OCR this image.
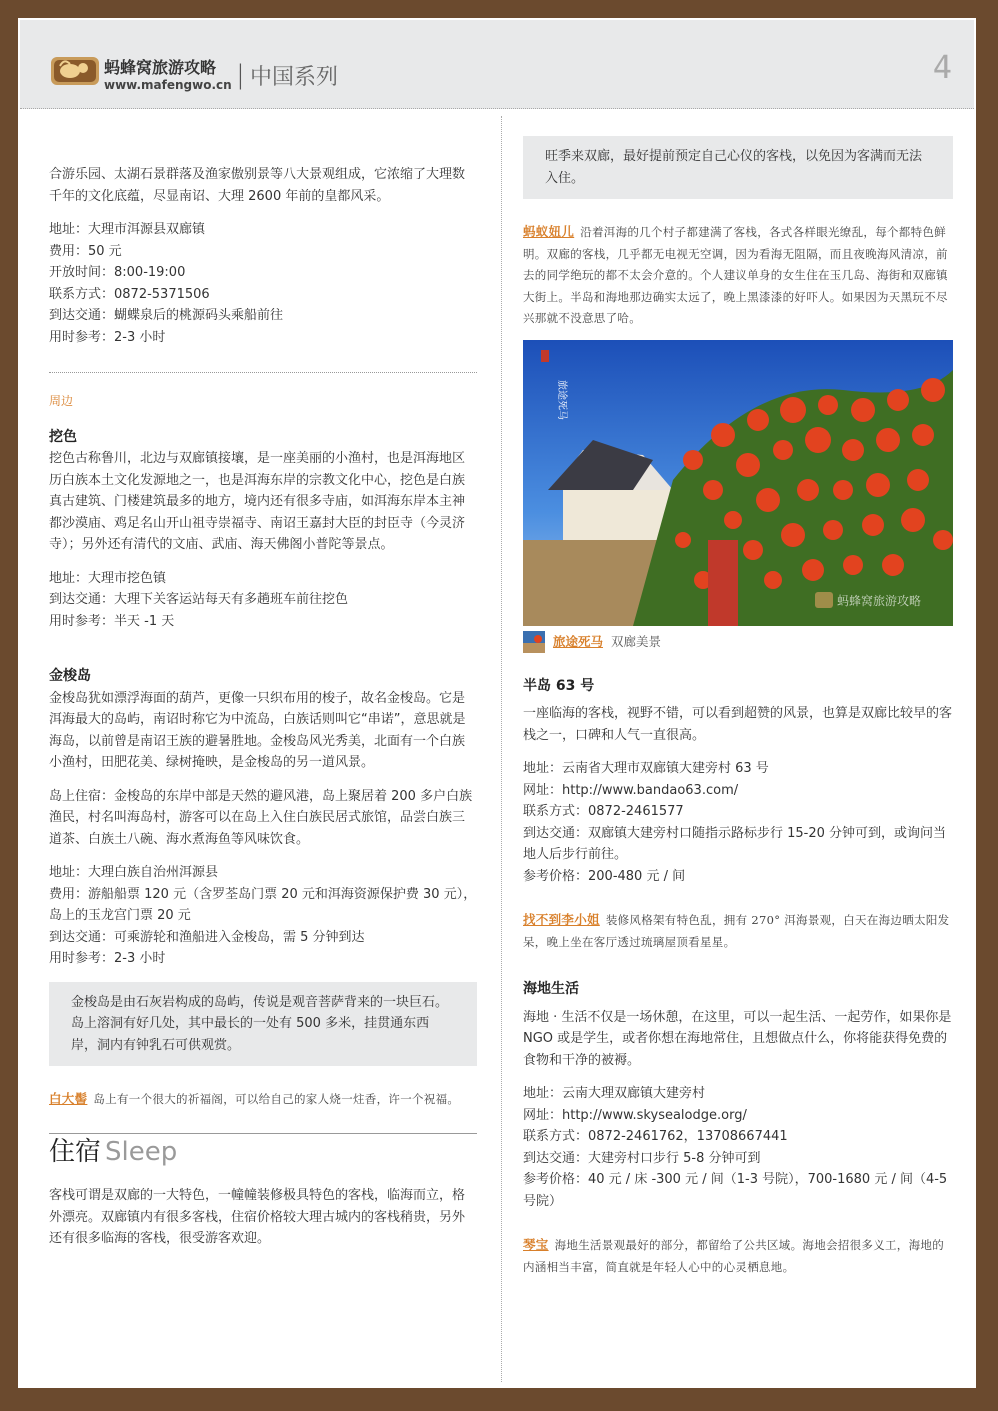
蚂蜂窝旅游攻略
www.mafengwo.cn | 中国系列	4

合游乐园、太湖石景群落及渔家傲别景等八大景观组成，它浓缩了大理数千年的文化底蕴，尽显南诏、大理 2600 年前的皇都风采。

地址：大理市洱源县双廊镇

费用：50 元

开放时间：8:00-19:00

联系方式：0872-5371506

到达交通：蝴蝶泉后的桃源码头乘船前往

用时参考：2-3 小时

周边

挖色

挖色古称鲁川，北边与双廊镇接壤，是一座美丽的小渔村，也是洱海地区历白族本土文化发源地之一，也是洱海东岸的宗教文化中心，挖色是白族真古建筑、门楼建筑最多的地方，境内还有很多寺庙，如洱海东岸本主神都沙漠庙、鸡足名山开山祖寺崇福寺、南诏王嘉封大臣的封臣寺（今灵济寺）；另外还有清代的文庙、武庙、海天佛阁小普陀等景点。

地址：大理市挖色镇

到达交通：大理下关客运站每天有多趟班车前往挖色

用时参考：半天 -1 天

金梭岛

金梭岛犹如漂浮海面的葫芦，更像一只织布用的梭子，故名金梭岛。它是洱海最大的岛屿，南诏时称它为中流岛，白族话则叫它“串诺”，意思就是海岛，以前曾是南诏王族的避暑胜地。金梭岛风光秀美，北面有一个白族小渔村，田肥花美、绿树掩映，是金梭岛的另一道风景。

岛上住宿：金梭岛的东岸中部是天然的避风港，岛上聚居着 200 多户白族渔民，村名叫海岛村，游客可以在岛上入住白族民居式旅馆，品尝白族三道茶、白族土八碗、海水煮海鱼等风味饮食。

地址：大理白族自治州洱源县

费用：游船船票 120 元（含罗荃岛门票 20 元和洱海资源保护费 30 元），岛上的玉龙宫门票 20 元

到达交通：可乘游轮和渔船进入金梭岛，需 5 分钟到达

用时参考：2-3 小时

金梭岛是由石灰岩构成的岛屿，传说是观音菩萨背来的一块巨石。岛上溶洞有好几处，其中最长的一处有 500 多米，挂贯通东西岸，洞内有钟乳石可供观赏。
白大髻 岛上有一个很大的祈福阁，可以给自己的家人烧一炷香，许一个祝福。
住宿 Sleep

客栈可谓是双廊的一大特色，一幢幢装修极具特色的客栈，临海而立，格外漂亮。双廊镇内有很多客栈，住宿价格较大理古城内的客栈稍贵，另外还有很多临海的客栈，很受游客欢迎。

旺季来双廊，最好提前预定自己心仪的客栈，以免因为客满而无法入住。
蚂蚁妞儿 沿着洱海的几个村子都建满了客栈，各式各样眼光缭乱，每个都特色鲜明。双廊的客栈，几乎都无电视无空调，因为看海无阻隔，而且夜晚海风清凉，前去的同学绝玩的都不太会介意的。个人建议单身的女生住在玉几岛、海街和双廊镇大街上。半岛和海地那边确实太远了，晚上黑漆漆的好吓人。如果因为天黑玩不尽兴那就不没意思了哈。
旅途死马
蚂蜂窝旅游攻略
旅途死马 双廊美景

半岛 63 号

一座临海的客栈，视野不错，可以看到超赞的风景，也算是双廊比较早的客栈之一，口碑和人气一直很高。

地址：云南省大理市双廊镇大建旁村 63 号

网址：http://www.bandao63.com/

联系方式：0872-2461577

到达交通：双廊镇大建旁村口随指示路标步行 15-20 分钟可到，或询问当地人后步行前往。

参考价格：200-480 元 / 间

找不到李小姐 装修风格架有特色乱，拥有 270° 洱海景观，白天在海边晒太阳发呆，晚上坐在客厅透过琉璃屋顶看星星。

海地生活

海地 · 生活不仅是一场休憩，在这里，可以一起生活、一起劳作，如果你是 NGO 或是学生，或者你想在海地常住，且想做点什么，你将能获得免费的食物和干净的被褥。

地址：云南大理双廊镇大建旁村

网址：http://www.skysealodge.org/

联系方式：0872-2461762，13708667441

到达交通：大建旁村口步行 5-8 分钟可到

参考价格：40 元 / 床 -300 元 / 间（1-3 号院），700-1680 元 / 间（4-5 号院）

琴宝 海地生活景观最好的部分，都留给了公共区域。海地会招很多义工，海地的内涵相当丰富，简直就是年轻人心中的心灵栖息地。
